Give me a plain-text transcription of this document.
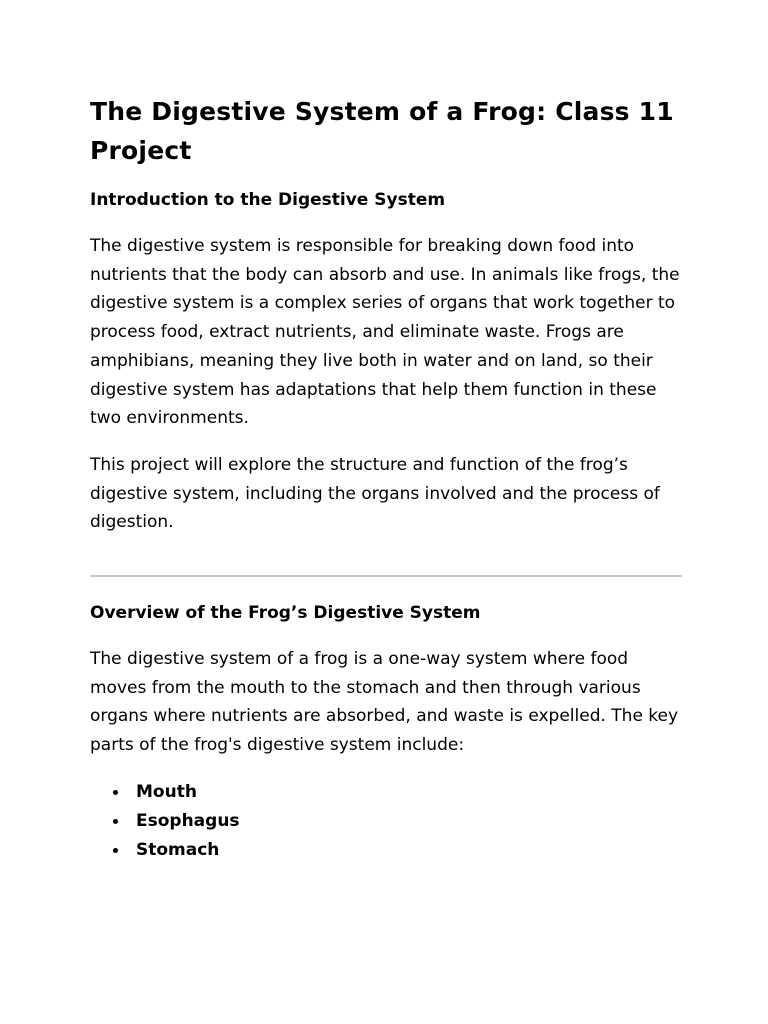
The Digestive System of a Frog: Class 11 Project
Introduction to the Digestive System

The digestive system is responsible for breaking down food into nutrients that the body can absorb and use. In animals like frogs, the digestive system is a complex series of organs that work together to process food, extract nutrients, and eliminate waste. Frogs are amphibians, meaning they live both in water and on land, so their digestive system has adaptations that help them function in these two environments.

This project will explore the structure and function of the frog’s digestive system, including the organs involved and the process of digestion.

Overview of the Frog’s Digestive System

The digestive system of a frog is a one-way system where food moves from the mouth to the stomach and then through various organs where nutrients are absorbed, and waste is expelled. The key parts of the frog's digestive system include:

Mouth
Esophagus
Stomach
